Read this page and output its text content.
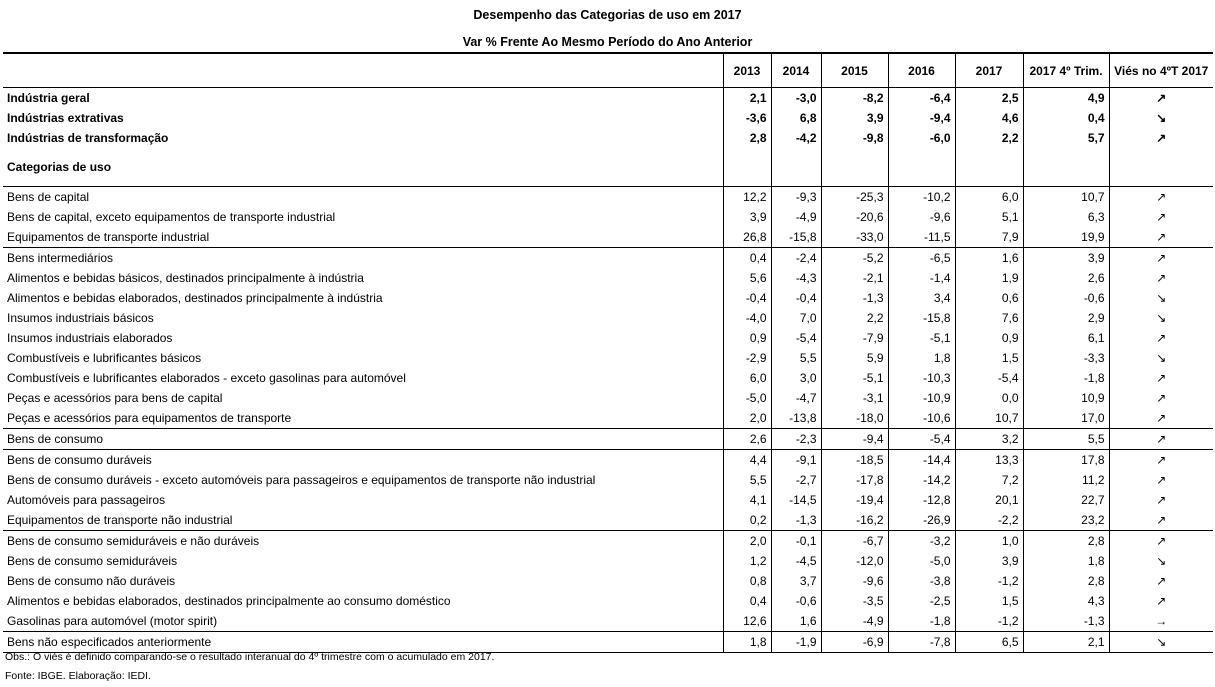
Desempenho das Categorias de uso em 2017
Var % Frente Ao Mesmo Período do Ano Anterior
	2013	2014	2015	2016	2017	2017 4º Trim.	Viés no 4ºT 2017
Indústria geral	2,1	-3,0	-8,2	-6,4	2,5	4,9	↗
Indústrias extrativas	-3,6	6,8	3,9	-9,4	4,6	0,4	↘
Indústrias de transformação	2,8	-4,2	-9,8	-6,0	2,2	5,7	↗
Categorias de uso							
Bens de capital	12,2	-9,3	-25,3	-10,2	6,0	10,7	↗
Bens de capital, exceto equipamentos de transporte industrial	3,9	-4,9	-20,6	-9,6	5,1	6,3	↗
Equipamentos de transporte industrial	26,8	-15,8	-33,0	-11,5	7,9	19,9	↗
Bens intermediários	0,4	-2,4	-5,2	-6,5	1,6	3,9	↗
Alimentos e bebidas básicos, destinados principalmente à indústria	5,6	-4,3	-2,1	-1,4	1,9	2,6	↗
Alimentos e bebidas elaborados, destinados principalmente à indústria	-0,4	-0,4	-1,3	3,4	0,6	-0,6	↘
Insumos industriais básicos	-4,0	7,0	2,2	-15,8	7,6	2,9	↘
Insumos industriais elaborados	0,9	-5,4	-7,9	-5,1	0,9	6,1	↗
Combustíveis e lubrificantes básicos	-2,9	5,5	5,9	1,8	1,5	-3,3	↘
Combustíveis e lubrificantes elaborados - exceto gasolinas para automóvel	6,0	3,0	-5,1	-10,3	-5,4	-1,8	↗
Peças e acessórios para bens de capital	-5,0	-4,7	-3,1	-10,9	0,0	10,9	↗
Peças e acessórios para equipamentos de transporte	2,0	-13,8	-18,0	-10,6	10,7	17,0	↗
Bens de consumo	2,6	-2,3	-9,4	-5,4	3,2	5,5	↗
Bens de consumo duráveis	4,4	-9,1	-18,5	-14,4	13,3	17,8	↗
Bens de consumo duráveis - exceto automóveis para passageiros e equipamentos de transporte não industrial	5,5	-2,7	-17,8	-14,2	7,2	11,2	↗
Automóveis para passageiros	4,1	-14,5	-19,4	-12,8	20,1	22,7	↗
Equipamentos de transporte não industrial	0,2	-1,3	-16,2	-26,9	-2,2	23,2	↗
Bens de consumo semiduráveis e não duráveis	2,0	-0,1	-6,7	-3,2	1,0	2,8	↗
Bens de consumo semiduráveis	1,2	-4,5	-12,0	-5,0	3,9	1,8	↘
Bens de consumo não duráveis	0,8	3,7	-9,6	-3,8	-1,2	2,8	↗
Alimentos e bebidas elaborados, destinados principalmente ao consumo doméstico	0,4	-0,6	-3,5	-2,5	1,5	4,3	↗
Gasolinas para automóvel (motor spirit)	12,6	1,6	-4,9	-1,8	-1,2	-1,3	→
Bens não especificados anteriormente	1,8	-1,9	-6,9	-7,8	6,5	2,1	↘
Obs.: O viés é definido comparando-se o resultado interanual do 4º trimestre com o acumulado em 2017.
Fonte: IBGE. Elaboração: IEDI.
